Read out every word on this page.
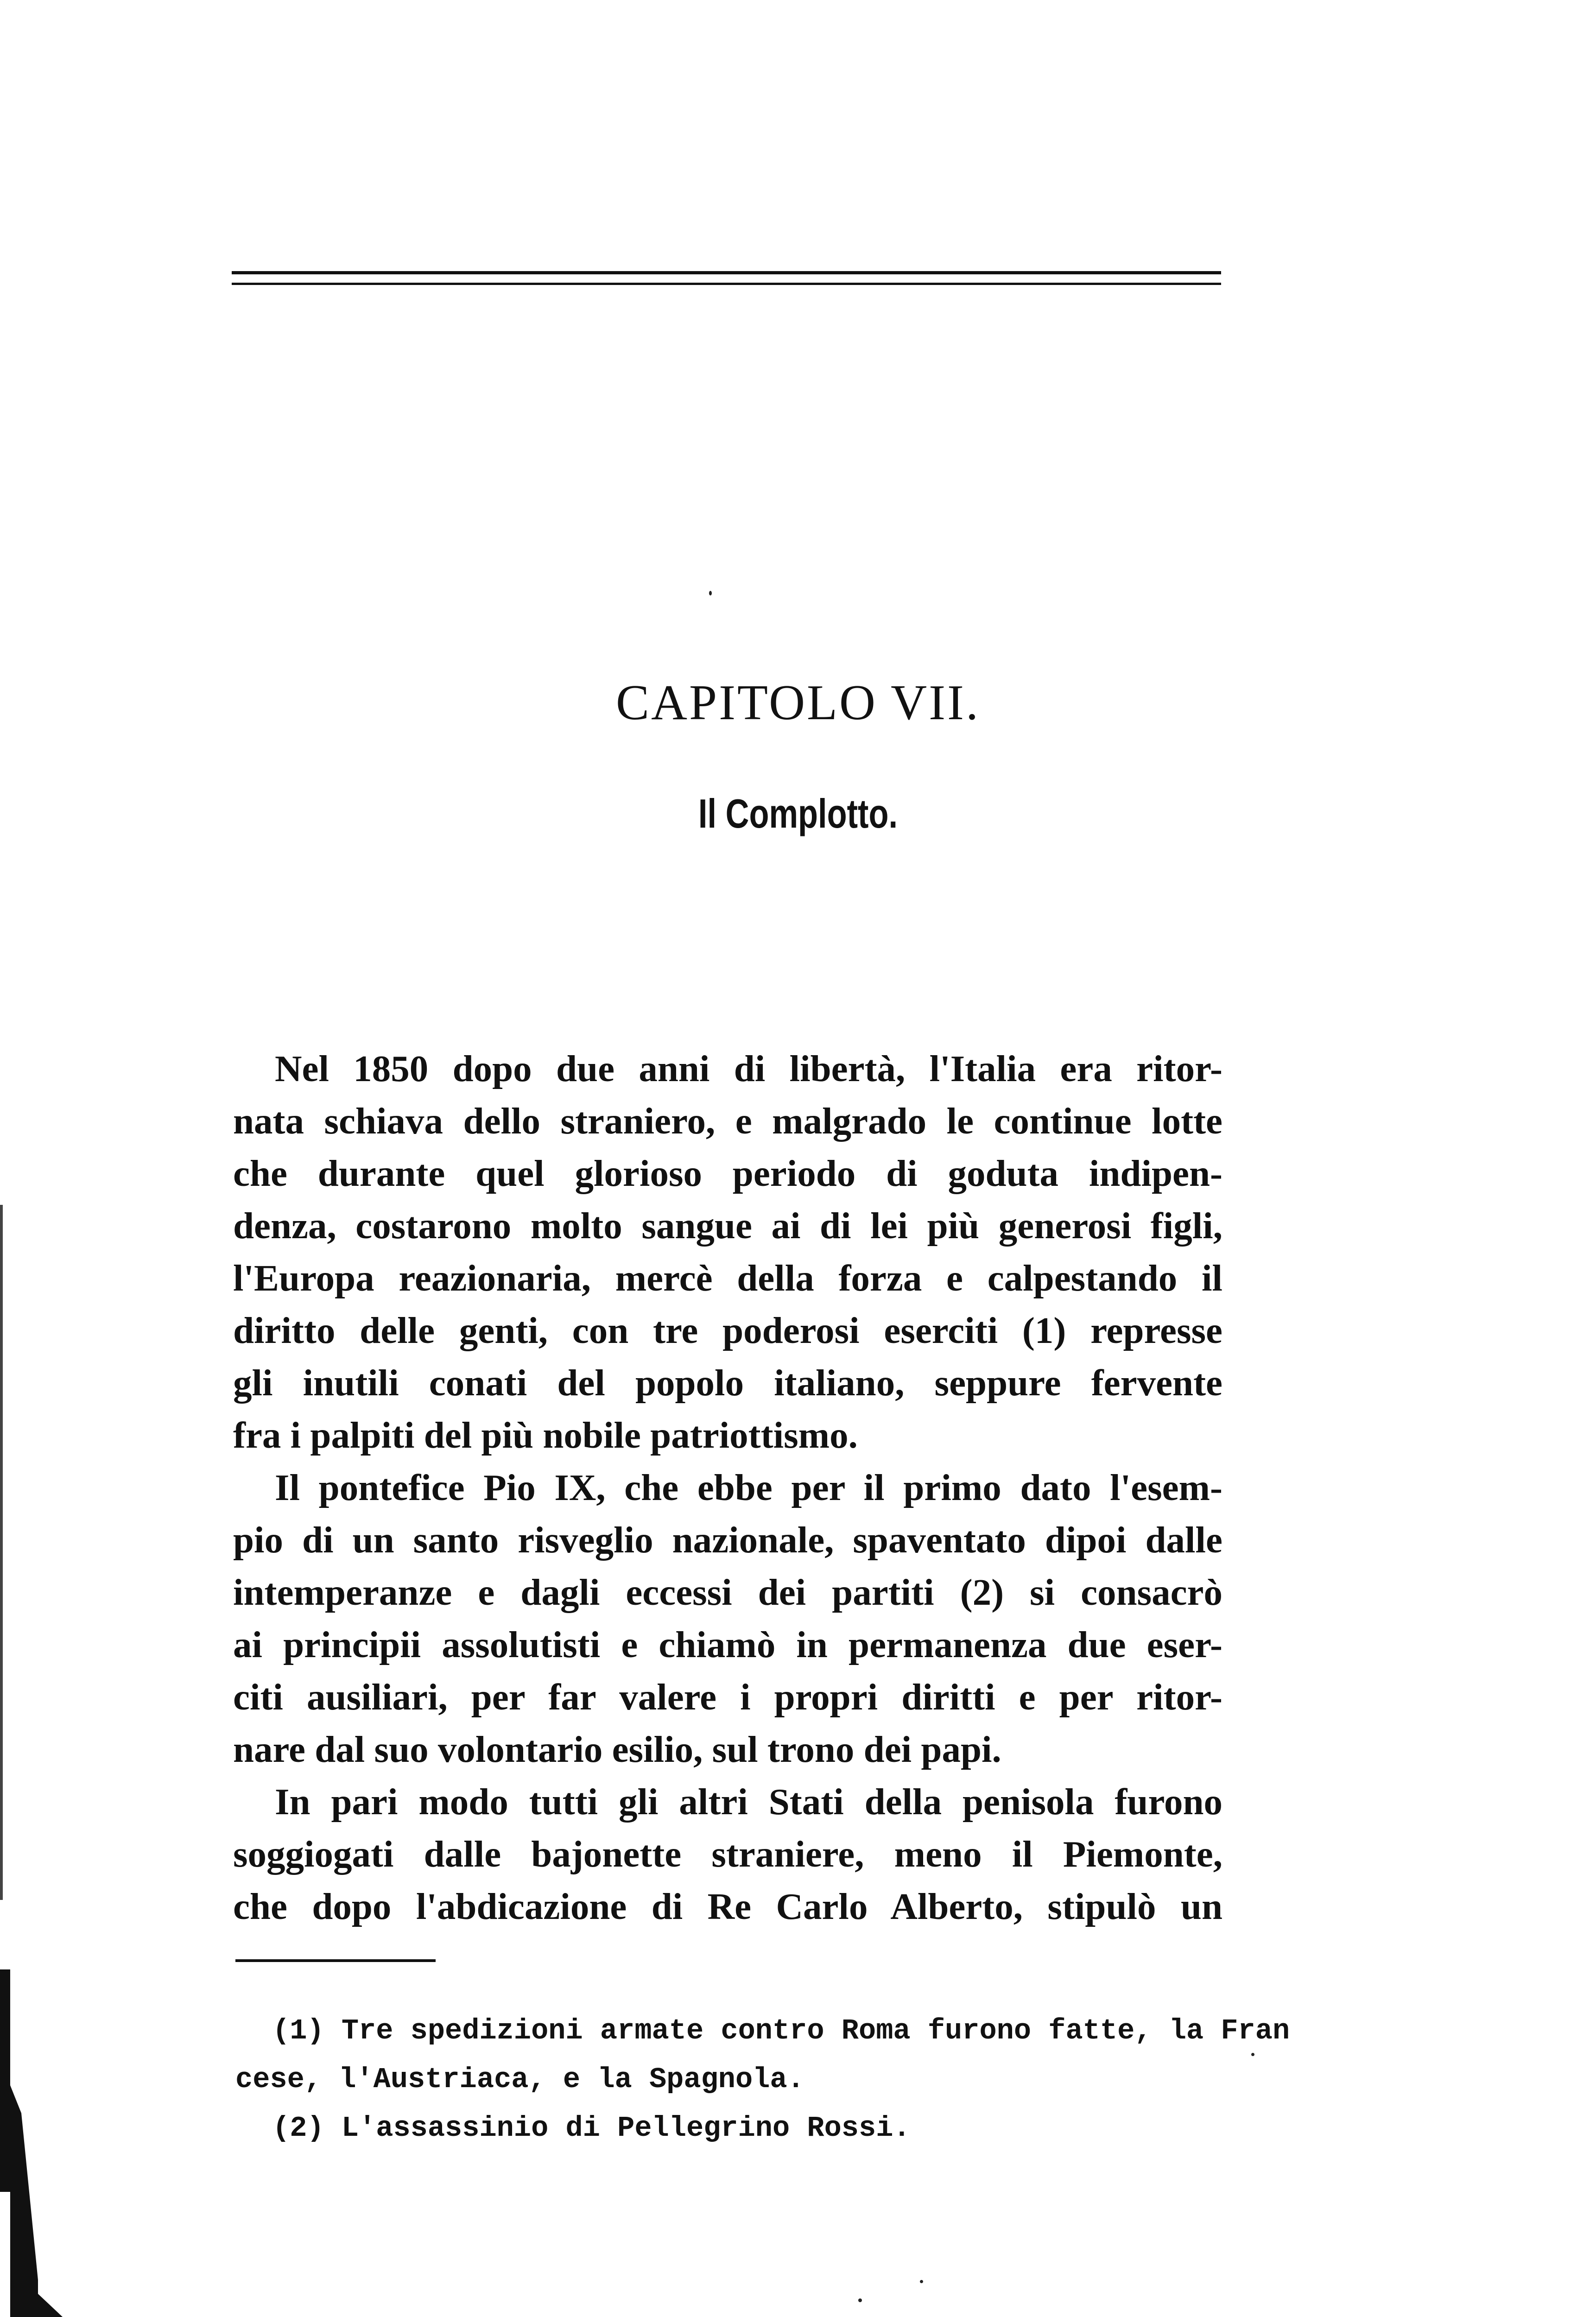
CAPITOLO VII.
Il Complotto.
Nel 1850 dopo due anni di libertà, l'Italia era ritor-
nata schiava dello straniero, e malgrado le continue lotte
che durante quel glorioso periodo di goduta indipen-
denza, costarono molto sangue ai di lei più generosi figli,
l'Europa reazionaria, mercè della forza e calpestando il
diritto delle genti, con tre poderosi eserciti (1) represse
gli inutili conati del popolo italiano, seppure fervente
fra i palpiti del più nobile patriottismo.
Il pontefice Pio IX, che ebbe per il primo dato l'esem-
pio di un santo risveglio nazionale, spaventato dipoi dalle
intemperanze e dagli eccessi dei partiti (2) si consacrò
ai principii assolutisti e chiamò in permanenza due eser-
citi ausiliari, per far valere i propri diritti e per ritor-
nare dal suo volontario esilio, sul trono dei papi.
In pari modo tutti gli altri Stati della penisola furono
soggiogati dalle bajonette straniere, meno il Piemonte,
che dopo l'abdicazione di Re Carlo Alberto, stipulò un
(1) Tre spedizioni armate contro Roma furono fatte, la Fran
cese, l'Austriaca, e la Spagnola.
(2) L'assassinio di Pellegrino Rossi.
